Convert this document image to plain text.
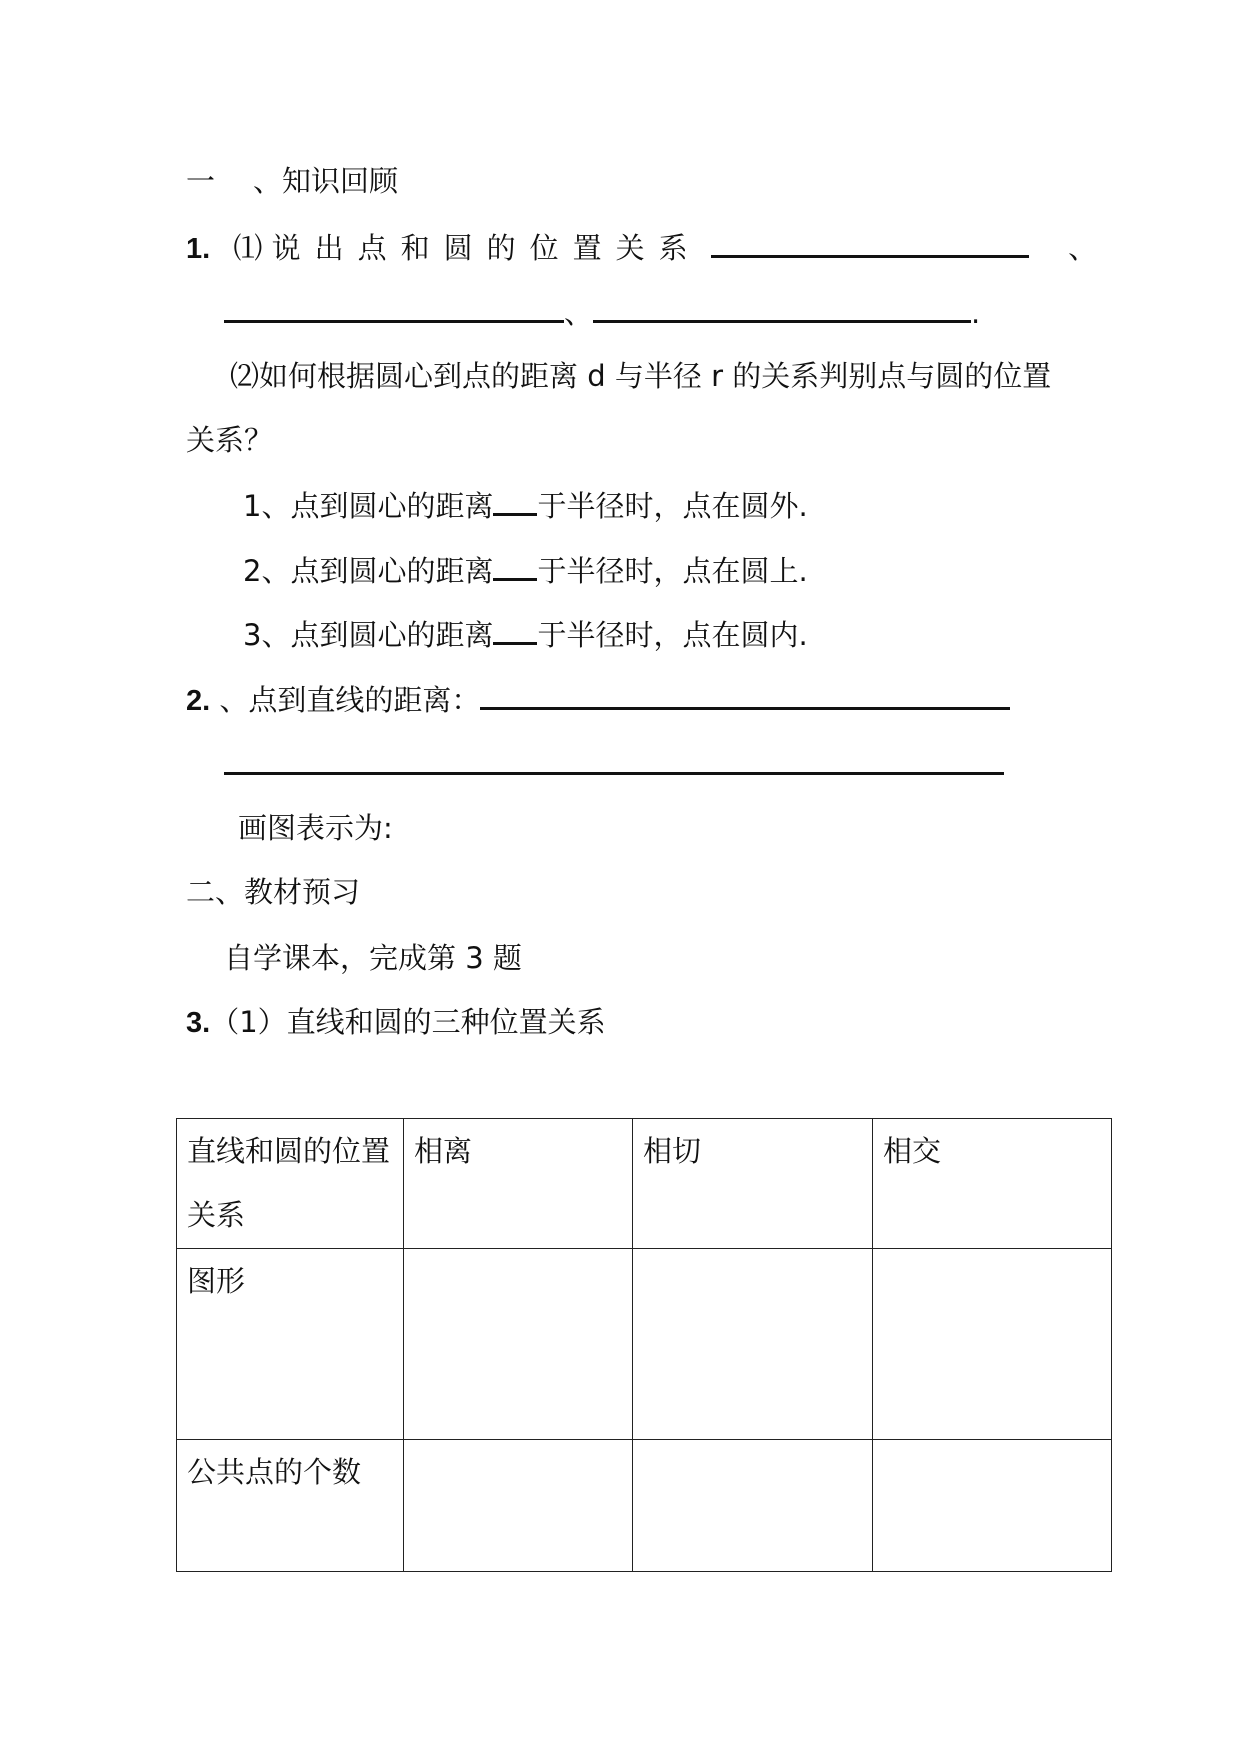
一 、知识回顾
1. ⑴ 说出点和圆的位置关系	、
、	.
⑵如何根据圆心到点的距离 d 与半径 r 的关系判别点与圆的位置
关系？
1、点到圆心的距离 于半径时，点在圆外.
2、点到圆心的距离 于半径时，点在圆上.
3、点到圆心的距离 于半径时，点在圆内.
2. 、点到直线的距离：
画图表示为:
二、教材预习
自学课本，完成第 3 题
3.（1）直线和圆的三种位置关系
直线和圆的位置关系	相离	相切	相交
图形			
公共点的个数			
